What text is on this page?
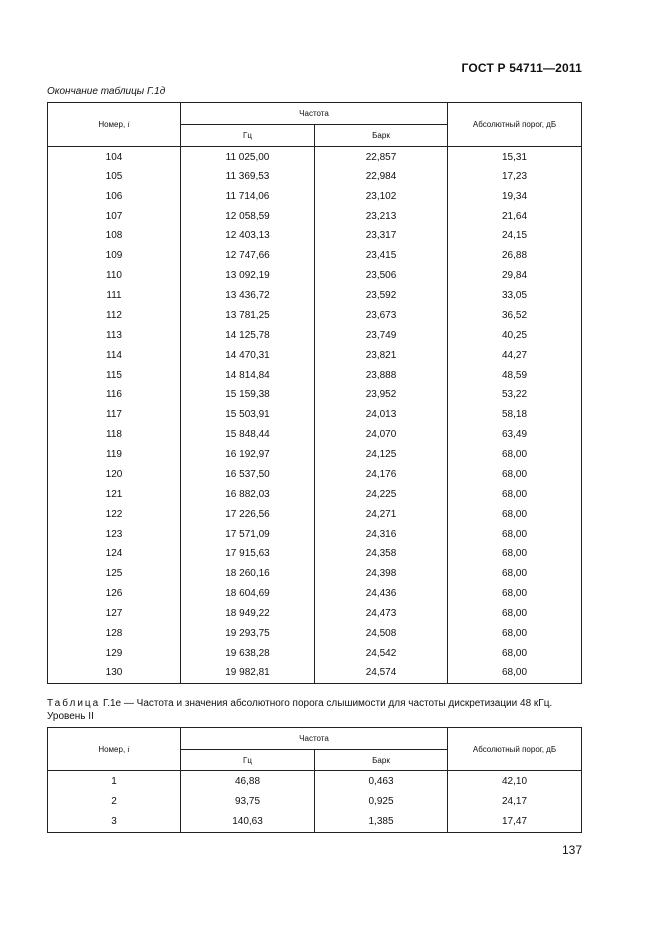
ГОСТ Р 54711—2011
Окончание таблицы Г.1д
Номер, i	Частота		Абсолютный порог, дБ
	Гц	Барк	
104	11 025,00	22,857	15,31
105	11 369,53	22,984	17,23
106	11 714,06	23,102	19,34
107	12 058,59	23,213	21,64
108	12 403,13	23,317	24,15
109	12 747,66	23,415	26,88
110	13 092,19	23,506	29,84
111	13 436,72	23,592	33,05
112	13 781,25	23,673	36,52
113	14 125,78	23,749	40,25
114	14 470,31	23,821	44,27
115	14 814,84	23,888	48,59
116	15 159,38	23,952	53,22
117	15 503,91	24,013	58,18
118	15 848,44	24,070	63,49
119	16 192,97	24,125	68,00
120	16 537,50	24,176	68,00
121	16 882,03	24,225	68,00
122	17 226,56	24,271	68,00
123	17 571,09	24,316	68,00
124	17 915,63	24,358	68,00
125	18 260,16	24,398	68,00
126	18 604,69	24,436	68,00
127	18 949,22	24,473	68,00
128	19 293,75	24,508	68,00
129	19 638,28	24,542	68,00
130	19 982,81	24,574	68,00
Таблица Г.1е — Частота и значения абсолютного порога слышимости для частоты дискретизации 48 кГц. Уровень II
Номер, i	Частота		Абсолютный порог, дБ
	Гц	Барк	
1	46,88	0,463	42,10
2	93,75	0,925	24,17
3	140,63	1,385	17,47
137
